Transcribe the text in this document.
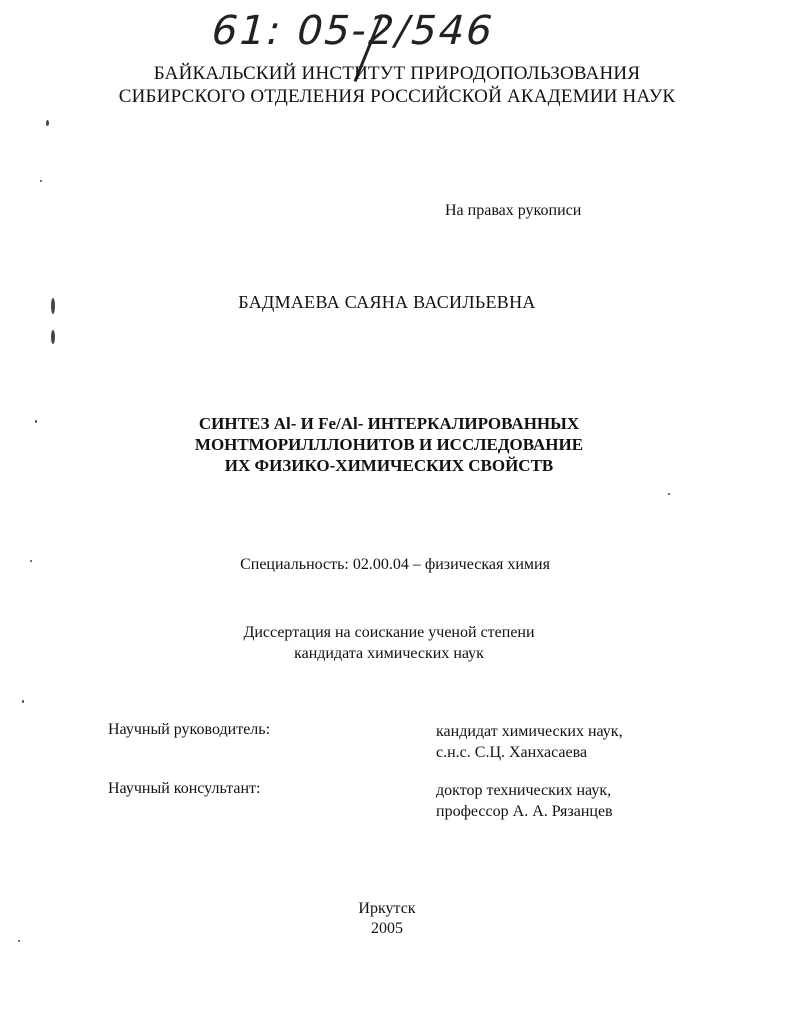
61: 05-2/546
БАЙКАЛЬСКИЙ ИНСТИТУТ ПРИРОДОПОЛЬЗОВАНИЯ
СИБИРСКОГО ОТДЕЛЕНИЯ РОССИЙСКОЙ АКАДЕМИИ НАУК
На правах рукописи
БАДМАЕВА САЯНА ВАСИЛЬЕВНА
СИНТЕЗ Al- И Fe/Al- ИНТЕРКАЛИРОВАННЫХ
МОНТМОРИЛЛЛОНИТОВ И ИССЛЕДОВАНИЕ
ИХ ФИЗИКО-ХИМИЧЕСКИХ СВОЙСТВ
Специальность: 02.00.04 – физическая химия
Диссертация на соискание ученой степени
кандидата химических наук
Научный руководитель:	кандидат химических наук,
с.н.с. С.Ц. Ханхасаева
Научный консультант:	доктор технических наук,
профессор А. А. Рязанцев
Иркутск
2005
